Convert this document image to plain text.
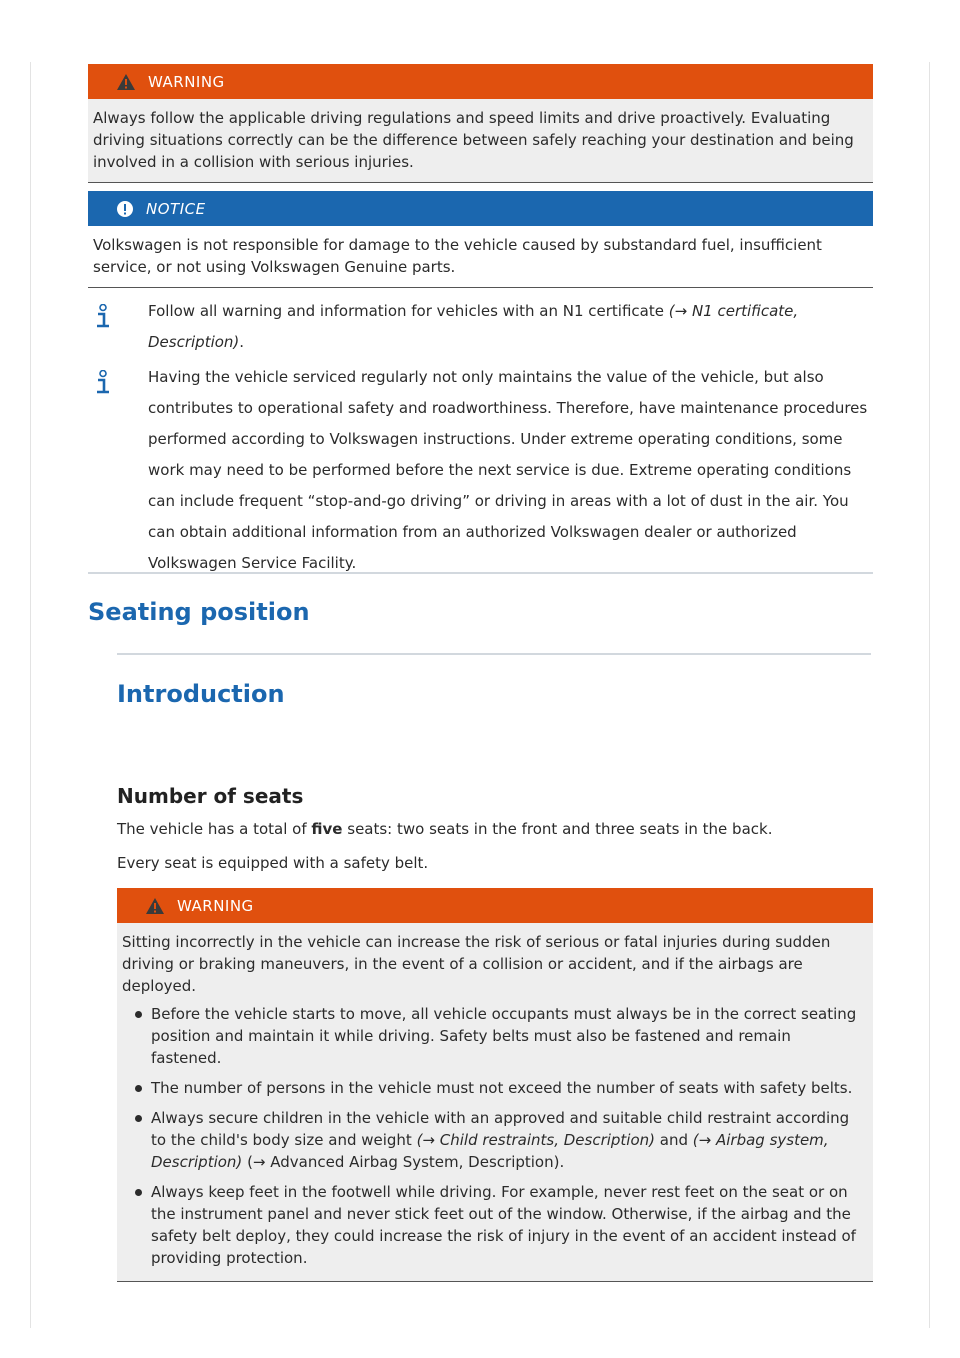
WARNING
Always follow the applicable driving regulations and speed limits and drive proactively. Evaluating driving situations correctly can be the difference between safely reaching your destination and being involved in a collision with serious injuries.
NOTICE
Volkswagen is not responsible for damage to the vehicle caused by substandard fuel, insufficient service, or not using Volkswagen Genuine parts.
Follow all warning and information for vehicles with an N1 certificate (→ N1 certificate, Description).
Having the vehicle serviced regularly not only maintains the value of the vehicle, but also contributes to operational safety and roadworthiness. Therefore, have maintenance procedures performed according to Volkswagen instructions. Under extreme operating conditions, some work may need to be performed before the next service is due. Extreme operating conditions can include frequent “stop-and-go driving” or driving in areas with a lot of dust in the air. You can obtain additional information from an authorized Volkswagen dealer or authorized Volkswagen Service Facility.
Seating position
Introduction
Number of seats
The vehicle has a total of five seats: two seats in the front and three seats in the back.
Every seat is equipped with a safety belt.
WARNING
Sitting incorrectly in the vehicle can increase the risk of serious or fatal injuries during sudden driving or braking maneuvers, in the event of a collision or accident, and if the airbags are deployed.
Before the vehicle starts to move, all vehicle occupants must always be in the correct seating position and maintain it while driving. Safety belts must also be fastened and remain fastened.
The number of persons in the vehicle must not exceed the number of seats with safety belts.
Always secure children in the vehicle with an approved and suitable child restraint according to the child's body size and weight (→ Child restraints, Description) and (→ Airbag system, Description) (→ Advanced Airbag System, Description).
Always keep feet in the footwell while driving. For example, never rest feet on the seat or on the instrument panel and never stick feet out of the window. Otherwise, if the airbag and the safety belt deploy, they could increase the risk of injury in the event of an accident instead of providing protection.
